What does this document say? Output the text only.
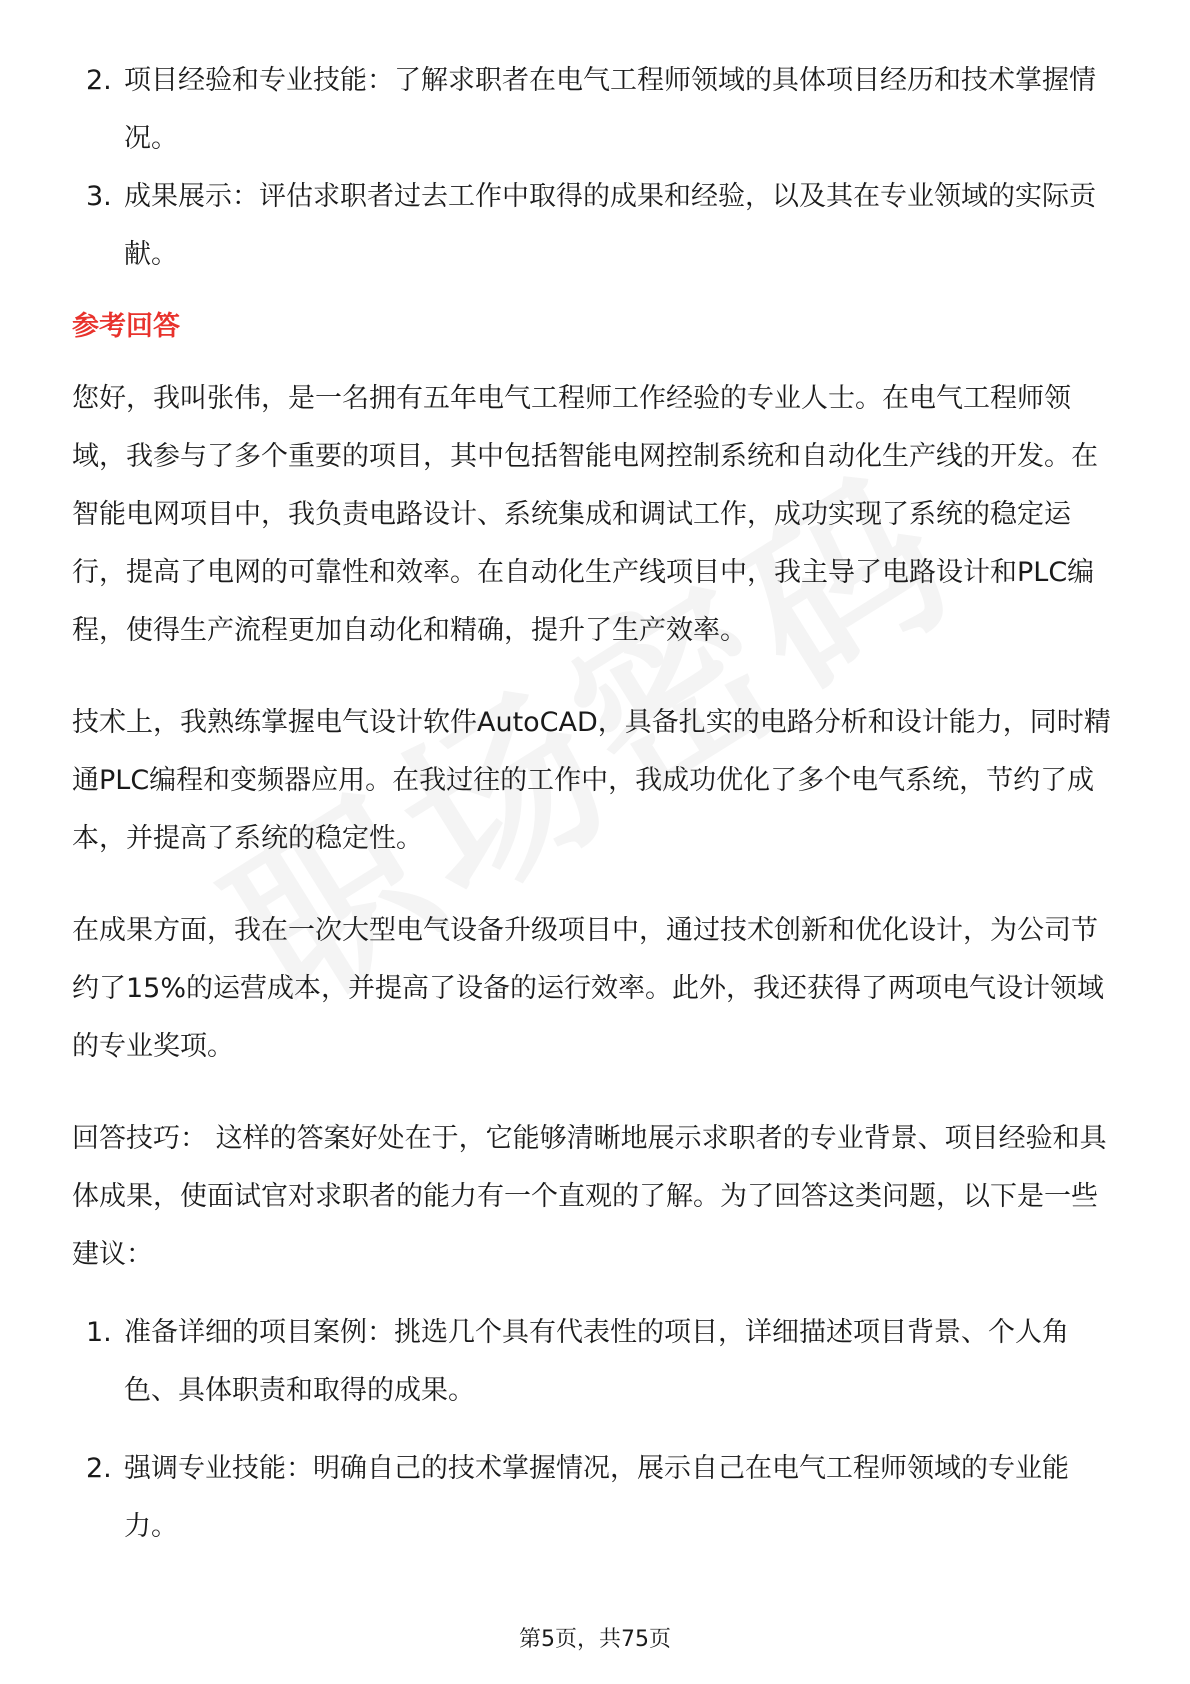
2. 项目经验和专业技能：了解求职者在电气工程师领域的具体项目经历和技术掌握情况。
3. 成果展示：评估求职者过去工作中取得的成果和经验，以及其在专业领域的实际贡献。
参考回答

您好，我叫张伟，是一名拥有五年电气工程师工作经验的专业人士。在电气工程师领域，我参与了多个重要的项目，其中包括智能电网控制系统和自动化生产线的开发。在智能电网项目中，我负责电路设计、系统集成和调试工作，成功实现了系统的稳定运行，提高了电网的可靠性和效率。在自动化生产线项目中，我主导了电路设计和PLC编程，使得生产流程更加自动化和精确，提升了生产效率。

技术上，我熟练掌握电气设计软件AutoCAD，具备扎实的电路分析和设计能力，同时精通PLC编程和变频器应用。在我过往的工作中，我成功优化了多个电气系统，节约了成本，并提高了系统的稳定性。

在成果方面，我在一次大型电气设备升级项目中，通过技术创新和优化设计，为公司节约了15%的运营成本，并提高了设备的运行效率。此外，我还获得了两项电气设计领域的专业奖项。

回答技巧： 这样的答案好处在于，它能够清晰地展示求职者的专业背景、项目经验和具体成果，使面试官对求职者的能力有一个直观的了解。为了回答这类问题，以下是一些建议：

1. 准备详细的项目案例：挑选几个具有代表性的项目，详细描述项目背景、个人角色、具体职责和取得的成果。
2. 强调专业技能：明确自己的技术掌握情况，展示自己在电气工程师领域的专业能力。
第5页，共75页
